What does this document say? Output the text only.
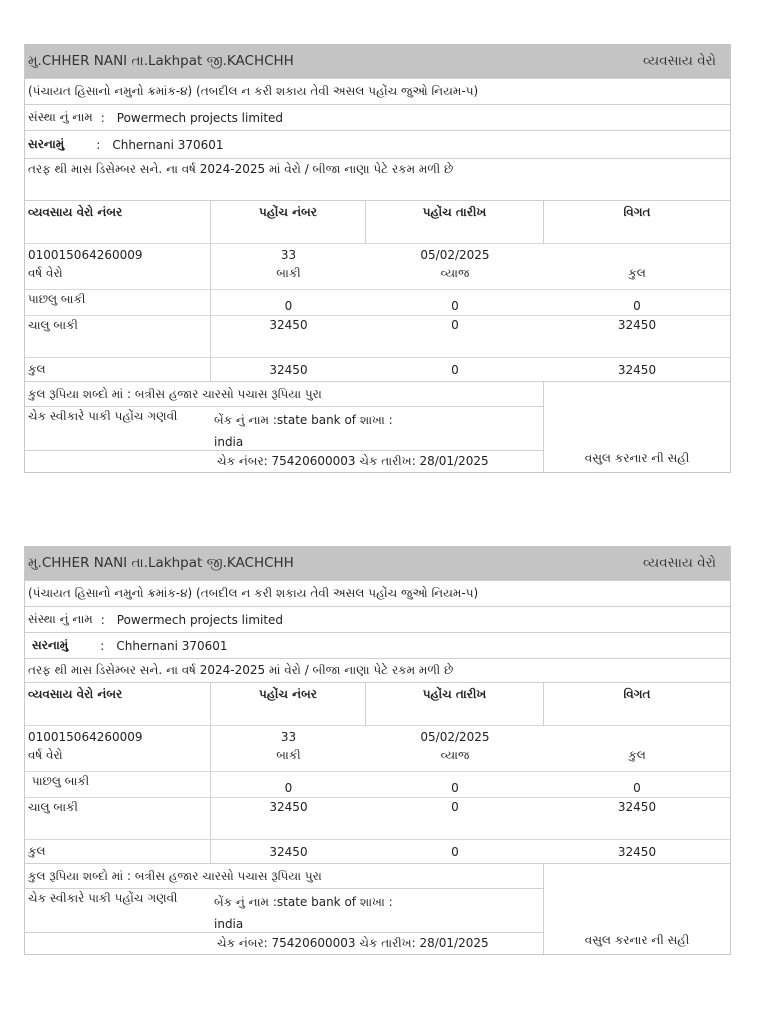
મુ.CHHER NANI તા.Lakhpat જી.KACHCHH	વ્યવસાય વેરો
(પંચાયત હિસાનો નમુનો ક્રમાંક-૪) (તબદીલ ન કરી શકાય તેવી અસલ પહોંચ જુઓ નિયમ-પ)
સંસ્થા નું નામ : Powermech projects limited
સરનામું	: Chhernani 370601
તરફ થી માસ ડિસેમ્બર સને. ના વર્ષ 2024-2025 માં વેરો / બીજા નાણા પેટે રકમ મળી છે
વ્યવસાય વેરો નંબર	પહોંચ નંબર	પહોંચ તારીખ	વિગત
010015064260009	33	05/02/2025
વર્ષ વેરો	બાકી	વ્યાજ	કુલ
પાછલુ બાકી	0	0	0
ચાલુ બાકી	32450	0	32450
કુલ	32450	0	32450
કુલ રૂપિયા શબ્દો માં : બત્રીસ હજાર ચારસો પચાસ રૂપિયા પુરા
ચેક સ્વીકારે પાકી પહોંચ ગણવી	બેંક નું નામ :state bank of શાખા :
india
ચેક નંબર: 75420600003 ચેક તારીખ: 28/01/2025	વસુલ કરનાર ની સહી
મુ.CHHER NANI તા.Lakhpat જી.KACHCHH	વ્યવસાય વેરો
(પંચાયત હિસાનો નમુનો ક્રમાંક-૪) (તબદીલ ન કરી શકાય તેવી અસલ પહોંચ જુઓ નિયમ-પ)
સંસ્થા નું નામ : Powermech projects limited
સરનામું	: Chhernani 370601
તરફ થી માસ ડિસેમ્બર સને. ના વર્ષ 2024-2025 માં વેરો / બીજા નાણા પેટે રકમ મળી છે
વ્યવસાય વેરો નંબર	પહોંચ નંબર	પહોંચ તારીખ	વિગત
010015064260009	33	05/02/2025
વર્ષ વેરો	બાકી	વ્યાજ	કુલ
પાછલુ બાકી	0	0	0
ચાલુ બાકી	32450	0	32450
કુલ	32450	0	32450
કુલ રૂપિયા શબ્દો માં : બત્રીસ હજાર ચારસો પચાસ રૂપિયા પુરા
ચેક સ્વીકારે પાકી પહોંચ ગણવી	બેંક નું નામ :state bank of શાખા :
india
ચેક નંબર: 75420600003 ચેક તારીખ: 28/01/2025	વસુલ કરનાર ની સહી
